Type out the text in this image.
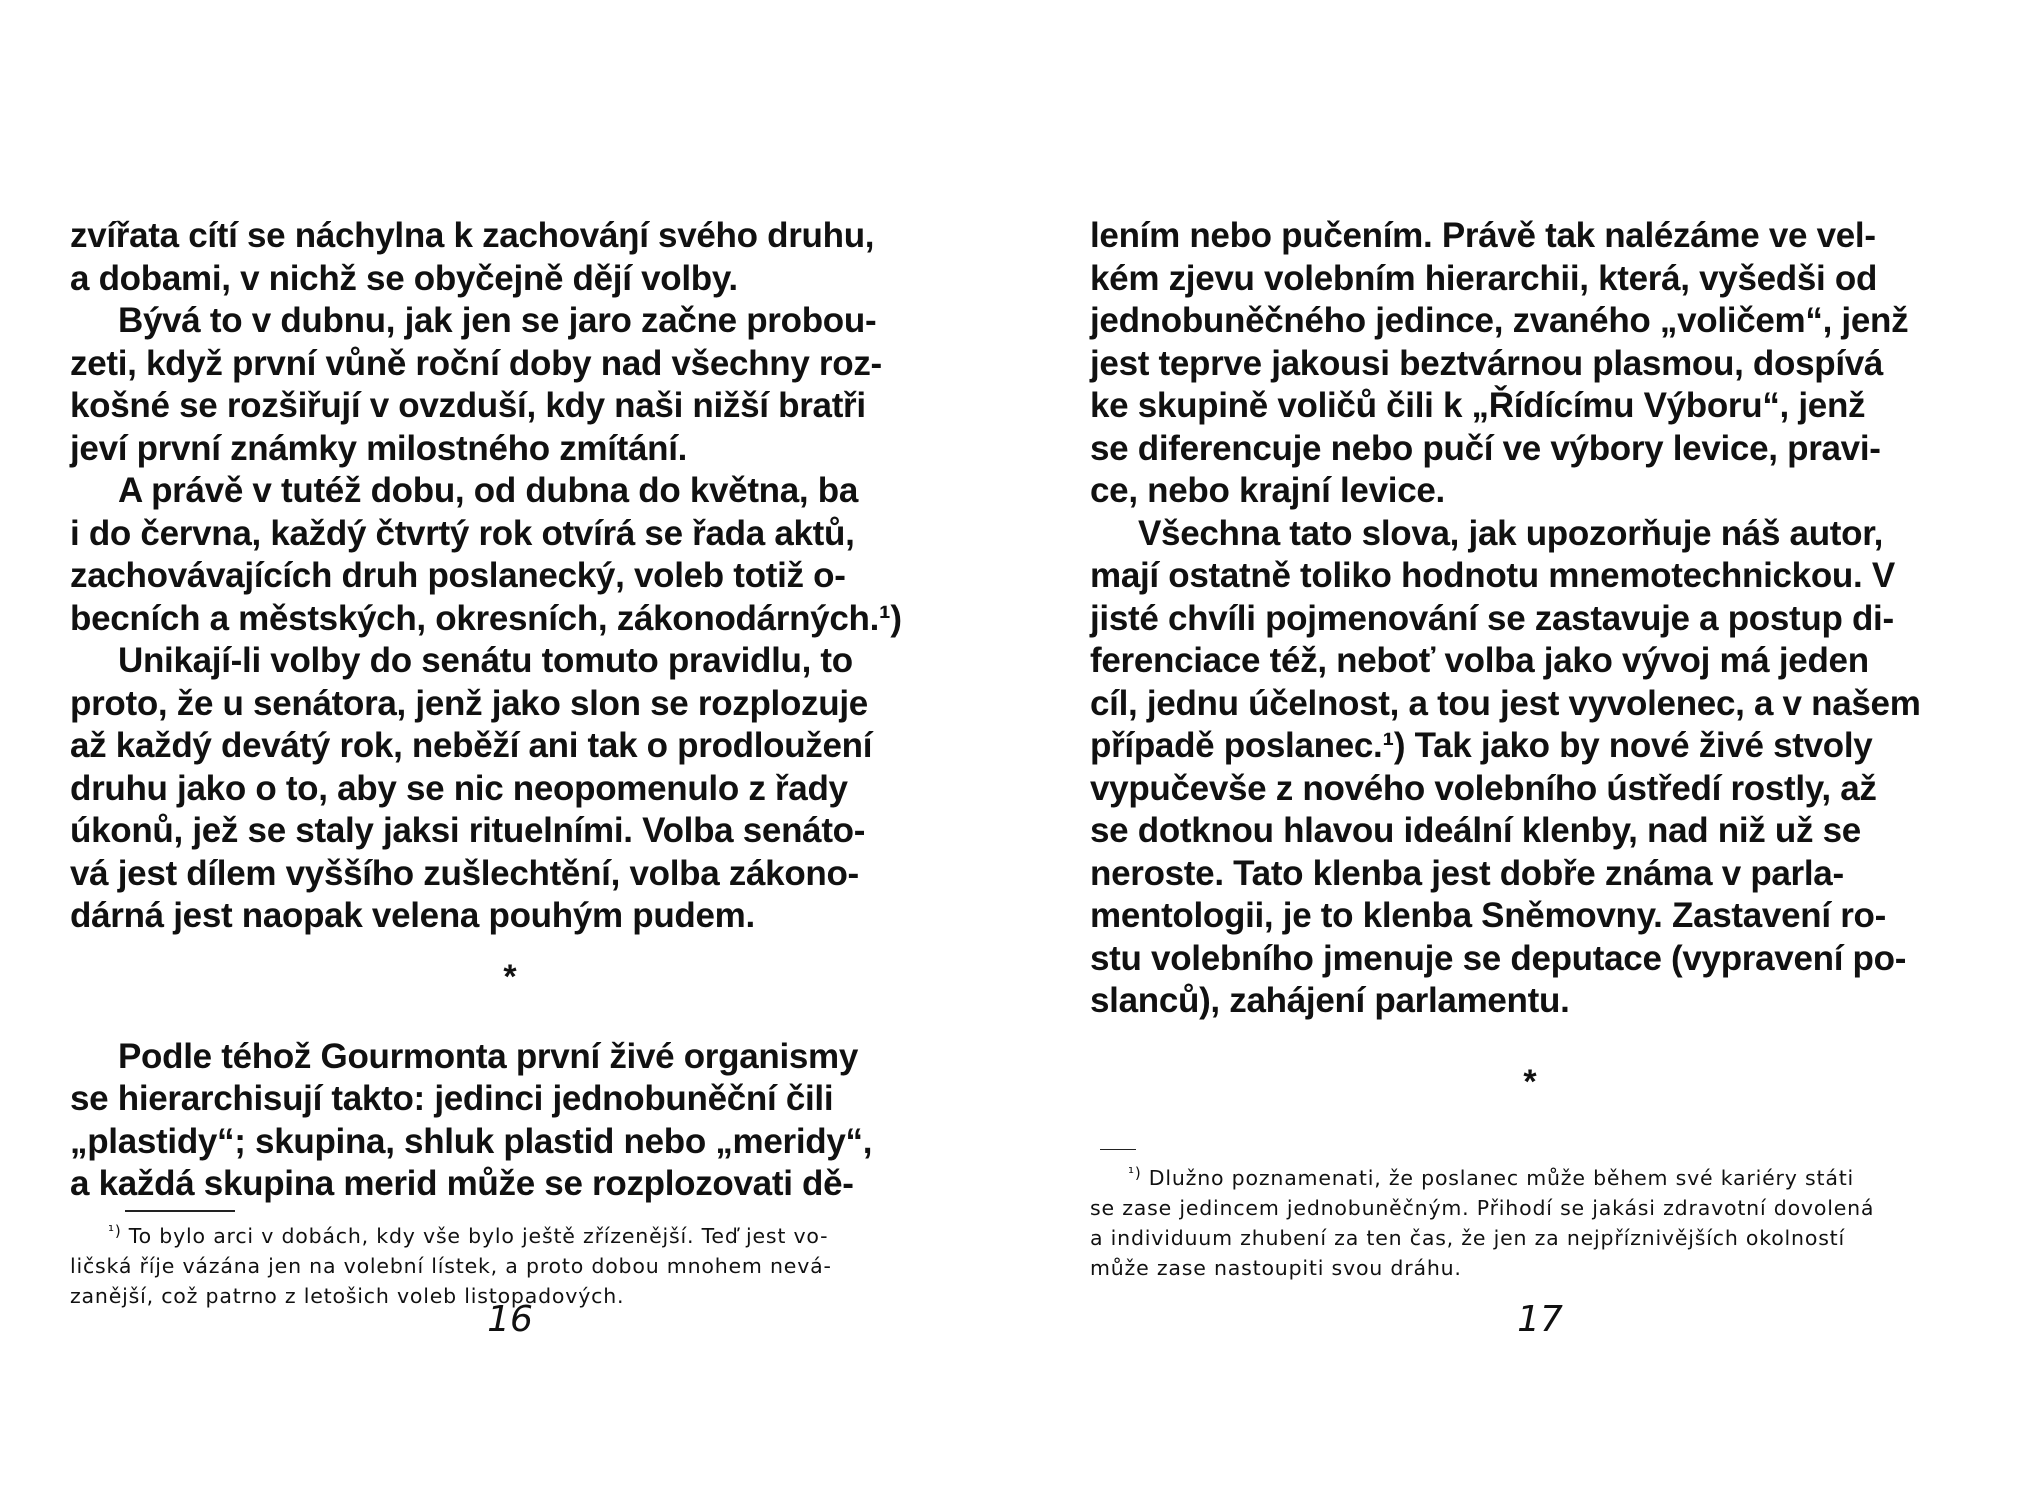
zvířata cítí se náchylna k zachováŋí svého druhu,
a dobami, v nichž se obyčejně dějí volby.
Bývá to v dubnu, jak jen se jaro začne probou-
zeti, když první vůně roční doby nad všechny roz-
košné se rozšiřují v ovzduší, kdy naši nižší bratři
jeví první známky milostného zmítání.
A právě v tutéž dobu, od dubna do května, ba
i do června, každý čtvrtý rok otvírá se řada aktů,
zachovávajících druh poslanecký, voleb totiž o-
becních a městských, okresních, zákonodárných.¹)
Unikají-li volby do senátu tomuto pravidlu, to
proto, že u senátora, jenž jako slon se rozplozuje
až každý devátý rok, neběží ani tak o prodloužení
druhu jako o to, aby se nic neopomenulo z řady
úkonů, jež se staly jaksi rituelními. Volba senáto-
vá jest dílem vyššího zušlechtění, volba zákono-
dárná jest naopak velena pouhým pudem.
*
Podle téhož Gourmonta první živé organismy
se hierarchisují takto: jedinci jednobuněční čili
„plastidy“; skupina, shluk plastid nebo „meridy“,
a každá skupina merid může se rozplozovati dě-
$^{^1)}$ To bylo arci v dobách, kdy vše bylo ještě zřízenější. Teď jest vo-
ličská říje vázána jen na volební lístek, a proto dobou mnohem nevá-
zanější, což patrno z letošich voleb listopadových.
16
lením nebo pučením. Právě tak nalézáme ve vel-
kém zjevu volebním hierarchii, která, vyšedši od
jednobuněčného jedince, zvaného „voličem“, jenž
jest teprve jakousi beztvárnou plasmou, dospívá
ke skupině voličů čili k „Řídícímu Výboru“, jenž
se diferencuje nebo pučí ve výbory levice, pravi-
ce, nebo krajní levice.
Všechna tato slova, jak upozorňuje náš autor,
mají ostatně toliko hodnotu mnemotechnickou. V
jisté chvíli pojmenování se zastavuje a postup di-
ferenciace též, neboť volba jako vývoj má jeden
cíl, jednu účelnost, a tou jest vyvolenec, a v našem
případě poslanec.¹) Tak jako by nové živé stvoly
vypučevše z nového volebního ústředí rostly, až
se dotknou hlavou ideální klenby, nad niž už se
neroste. Tato klenba jest dobře známa v parla-
mentologii, je to klenba Sněmovny. Zastavení ro-
stu volebního jmenuje se deputace (vypravení po-
slanců), zahájení parlamentu.
*
$^{^1)}$ Dlužno poznamenati, že poslanec může během své kariéry státi
se zase jedincem jednobuněčným. Přihodí se jakási zdravotní dovolená
a individuum zhubení za ten čas, že jen za nejpříznivějších okolností
může zase nastoupiti svou dráhu.
17
